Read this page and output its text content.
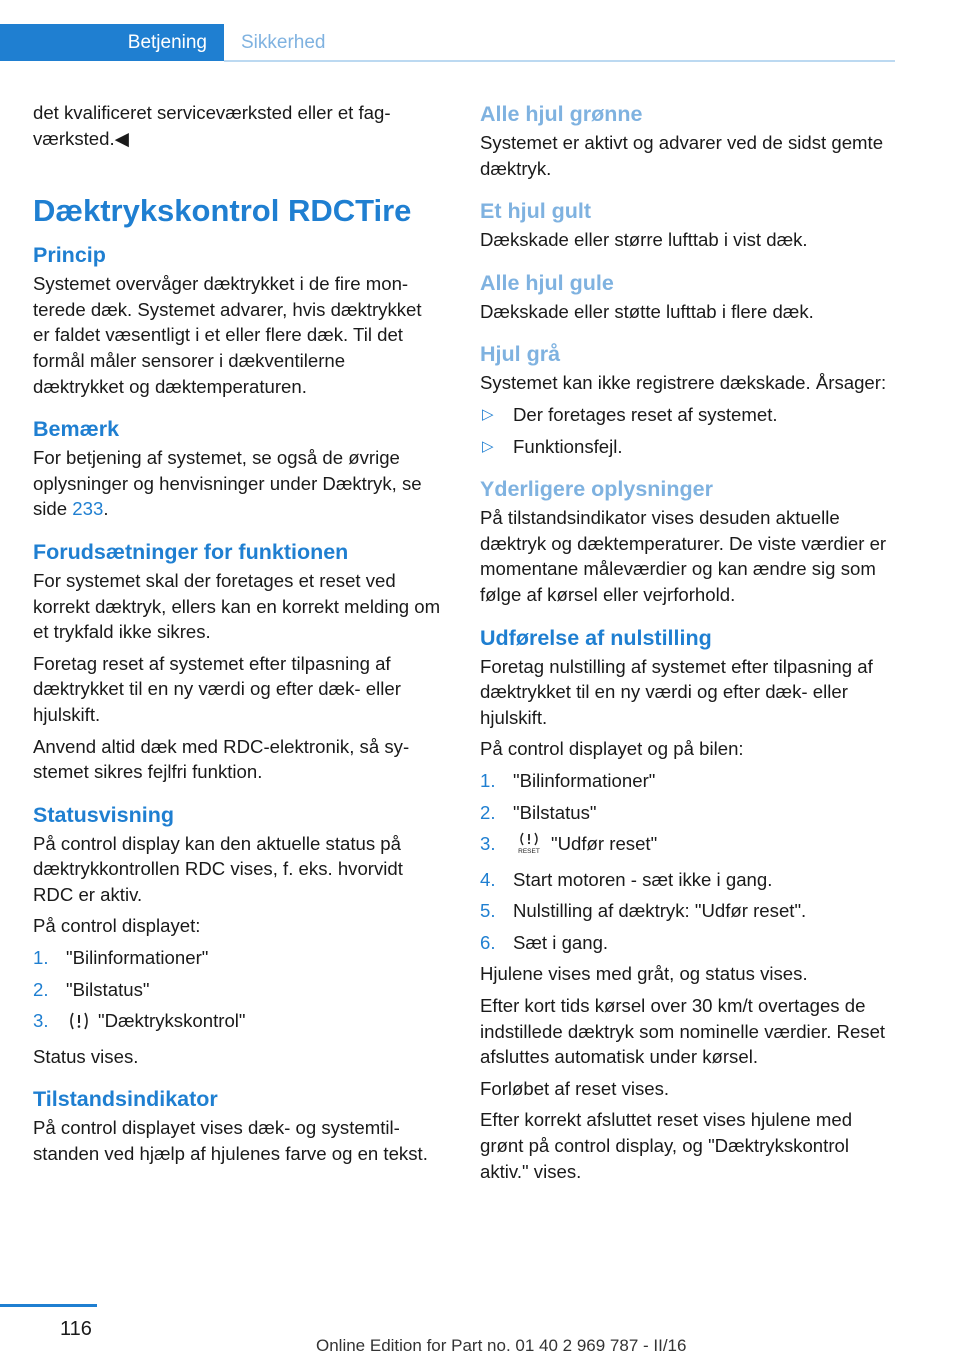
Betjening	Sikkerhed

det kvalificeret serviceværksted eller et fagværksted.◀

Dæktrykskontrol RDCTire
Princip

Systemet overvåger dæktrykket i de fire monterede dæk. Systemet advarer, hvis dæktrykket er faldet væsentligt i et eller flere dæk. Til det formål måler sensorer i dækventilerne dæktrykket og dæktemperaturen.

Bemærk

For betjening af systemet, se også de øvrige oplysninger og henvisninger under Dæktryk, se side 233.

Forudsætninger for funktionen

For systemet skal der foretages et reset ved korrekt dæktryk, ellers kan en korrekt melding om et trykfald ikke sikres.

Foretag reset af systemet efter tilpasning af dæktrykket til en ny værdi og efter dæk- eller hjulskift.

Anvend altid dæk med RDC-elektronik, så systemet sikres fejlfri funktion.

Statusvisning

På control display kan den aktuelle status på dæktrykkontrollen RDC vises, f. eks. hvorvidt RDC er aktiv.

På control displayet:

1. "Bilinformationer"
2. "Bilstatus"
3.	"Dæktrykskontrol"

Status vises.

Tilstandsindikator

På control displayet vises dæk- og systemtilstanden ved hjælp af hjulenes farve og en tekst.

Alle hjul grønne

Systemet er aktivt og advarer ved de sidst gemte dæktryk.

Et hjul gult

Dækskade eller større lufttab i vist dæk.

Alle hjul gule

Dækskade eller støtte lufttab i flere dæk.

Hjul grå

Systemet kan ikke registrere dækskade. Årsager:

▷ Der foretages reset af systemet.
▷ Funktionsfejl.
Yderligere oplysninger

På tilstandsindikator vises desuden aktuelle dæktryk og dæktemperaturer. De viste værdier er momentane måleværdier og kan ændre sig som følge af kørsel eller vejrforhold.

Udførelse af nulstilling

Foretag nulstilling af systemet efter tilpasning af dæktrykket til en ny værdi og efter dæk- eller hjulskift.

På control displayet og på bilen:

1. "Bilinformationer"
2. "Bilstatus"
3.	RESET "Udfør reset"
4. Start motoren - sæt ikke i gang.
5. Nulstilling af dæktryk: "Udfør reset".
6. Sæt i gang.

Hjulene vises med gråt, og status vises.

Efter kort tids kørsel over 30 km/t overtages de indstillede dæktryk som nominelle værdier. Reset afsluttes automatisk under kørsel.

Forløbet af reset vises.

Efter korrekt afsluttet reset vises hjulene med grønt på control display, og "Dæktrykskontrol aktiv." vises.

116
Online Edition for Part no. 01 40 2 969 787 - II/16
